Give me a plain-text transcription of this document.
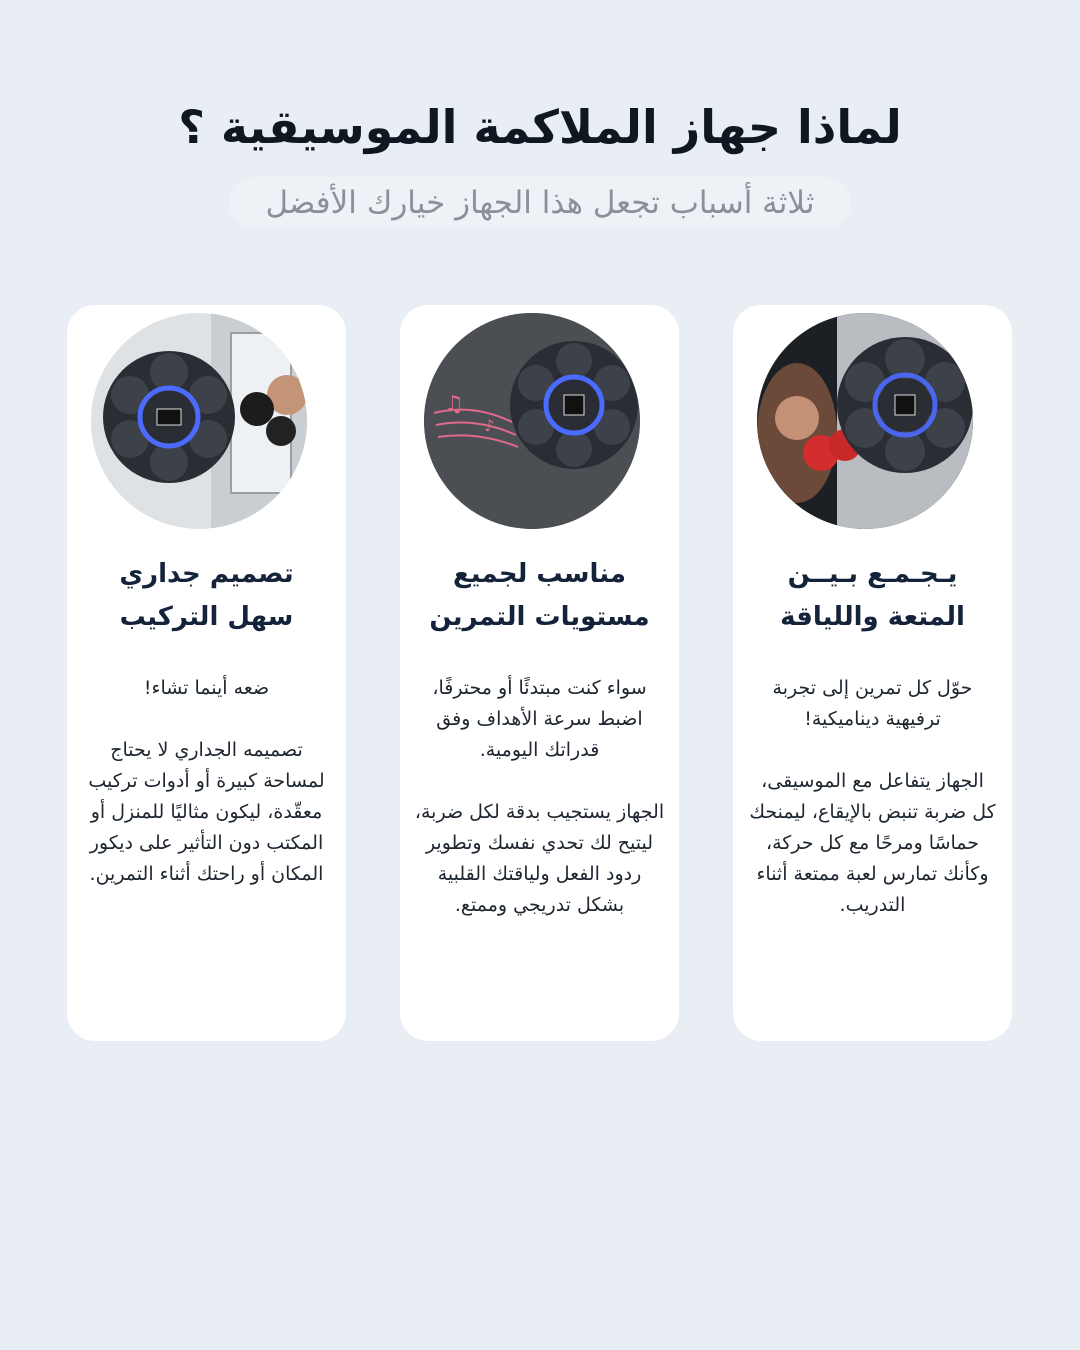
لماذا جهاز الملاكمة الموسيقية ؟
ثلاثة أسباب تجعل هذا الجهاز خيارك الأفضل
يـجـمـع بـيــن
المتعة واللياقة

حوّل كل تمرين إلى تجربة ترفيهية ديناميكية!

الجهاز يتفاعل مع الموسيقى، كل ضربة تنبض بالإيقاع، ليمنحك حماسًا ومرحًا مع كل حركة، وكأنك تمارس لعبة ممتعة أثناء التدريب.

♫
♪
مناسب لجميع
مستويات التمرين

سواء كنت مبتدئًا أو محترفًا، اضبط سرعة الأهداف وفق قدراتك اليومية.

الجهاز يستجيب بدقة لكل ضربة، ليتيح لك تحدي نفسك وتطوير ردود الفعل ولياقتك القلبية بشكل تدريجي وممتع.

تصميم جداري
سهل التركيب

ضعه أينما تشاء!

تصميمه الجداري لا يحتاج لمساحة كبيرة أو أدوات تركيب معقّدة، ليكون مثاليًا للمنزل أو المكتب دون التأثير على ديكور المكان أو راحتك أثناء التمرين.
